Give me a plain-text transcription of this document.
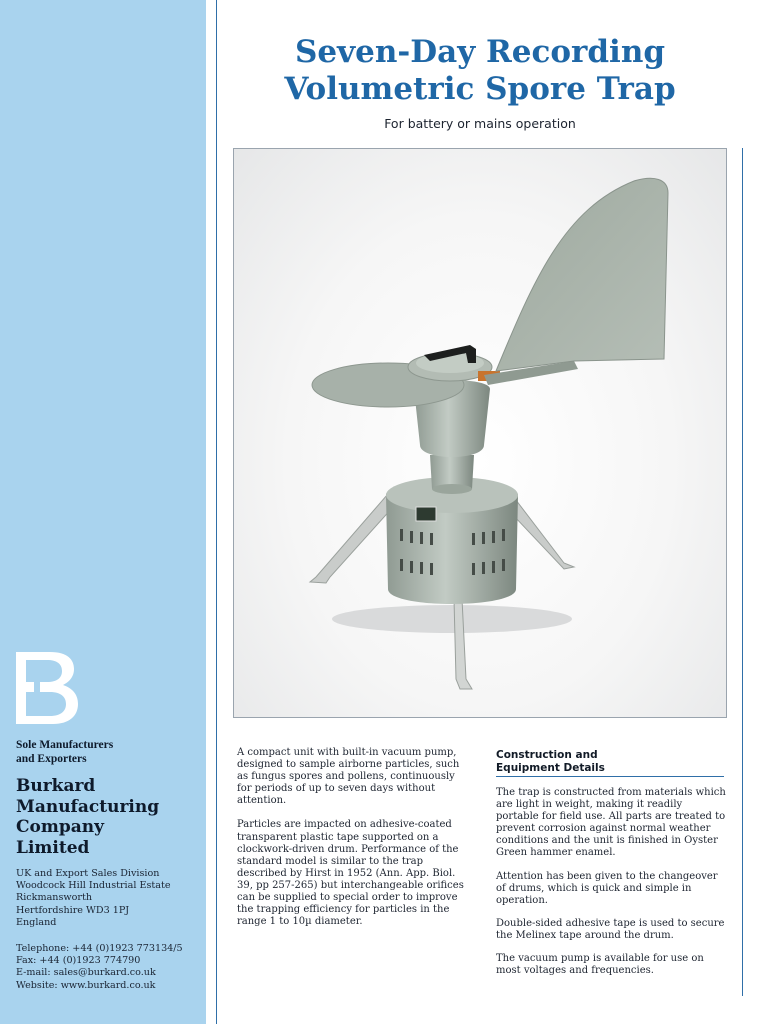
Sole Manufacturers
and Exporters
Burkard
Manufacturing
Company
Limited
UK and Export Sales Division
Woodcock Hill Industrial Estate
Rickmansworth
Hertfordshire WD3 1PJ
England
Telephone: +44 (0)1923 773134/5
Fax: +44 (0)1923 774790
E-mail: sales@burkard.co.uk
Website: www.burkard.co.uk
Seven-Day Recording
Volumetric Spore Trap
For battery or mains operation

A compact unit with built-in vacuum pump, designed to sample airborne particles, such as fungus spores and pollens, continuously for periods of up to seven days without attention.

Particles are impacted on adhesive-coated transparent plastic tape supported on a clockwork-driven drum. Performance of the standard model is similar to the trap described by Hirst in 1952 (Ann. App. Biol. 39, pp 257-265) but interchangeable orifices can be supplied to special order to improve the trapping efficiency for particles in the range 1 to 10µ diameter.

Construction and
Equipment Details

The trap is constructed from materials which are light in weight, making it readily portable for field use. All parts are treated to prevent corrosion against normal weather conditions and the unit is finished in Oyster Green hammer enamel.

Attention has been given to the changeover of drums, which is quick and simple in operation.

Double-sided adhesive tape is used to secure the Melinex tape around the drum.

The vacuum pump is available for use on most voltages and frequencies.
